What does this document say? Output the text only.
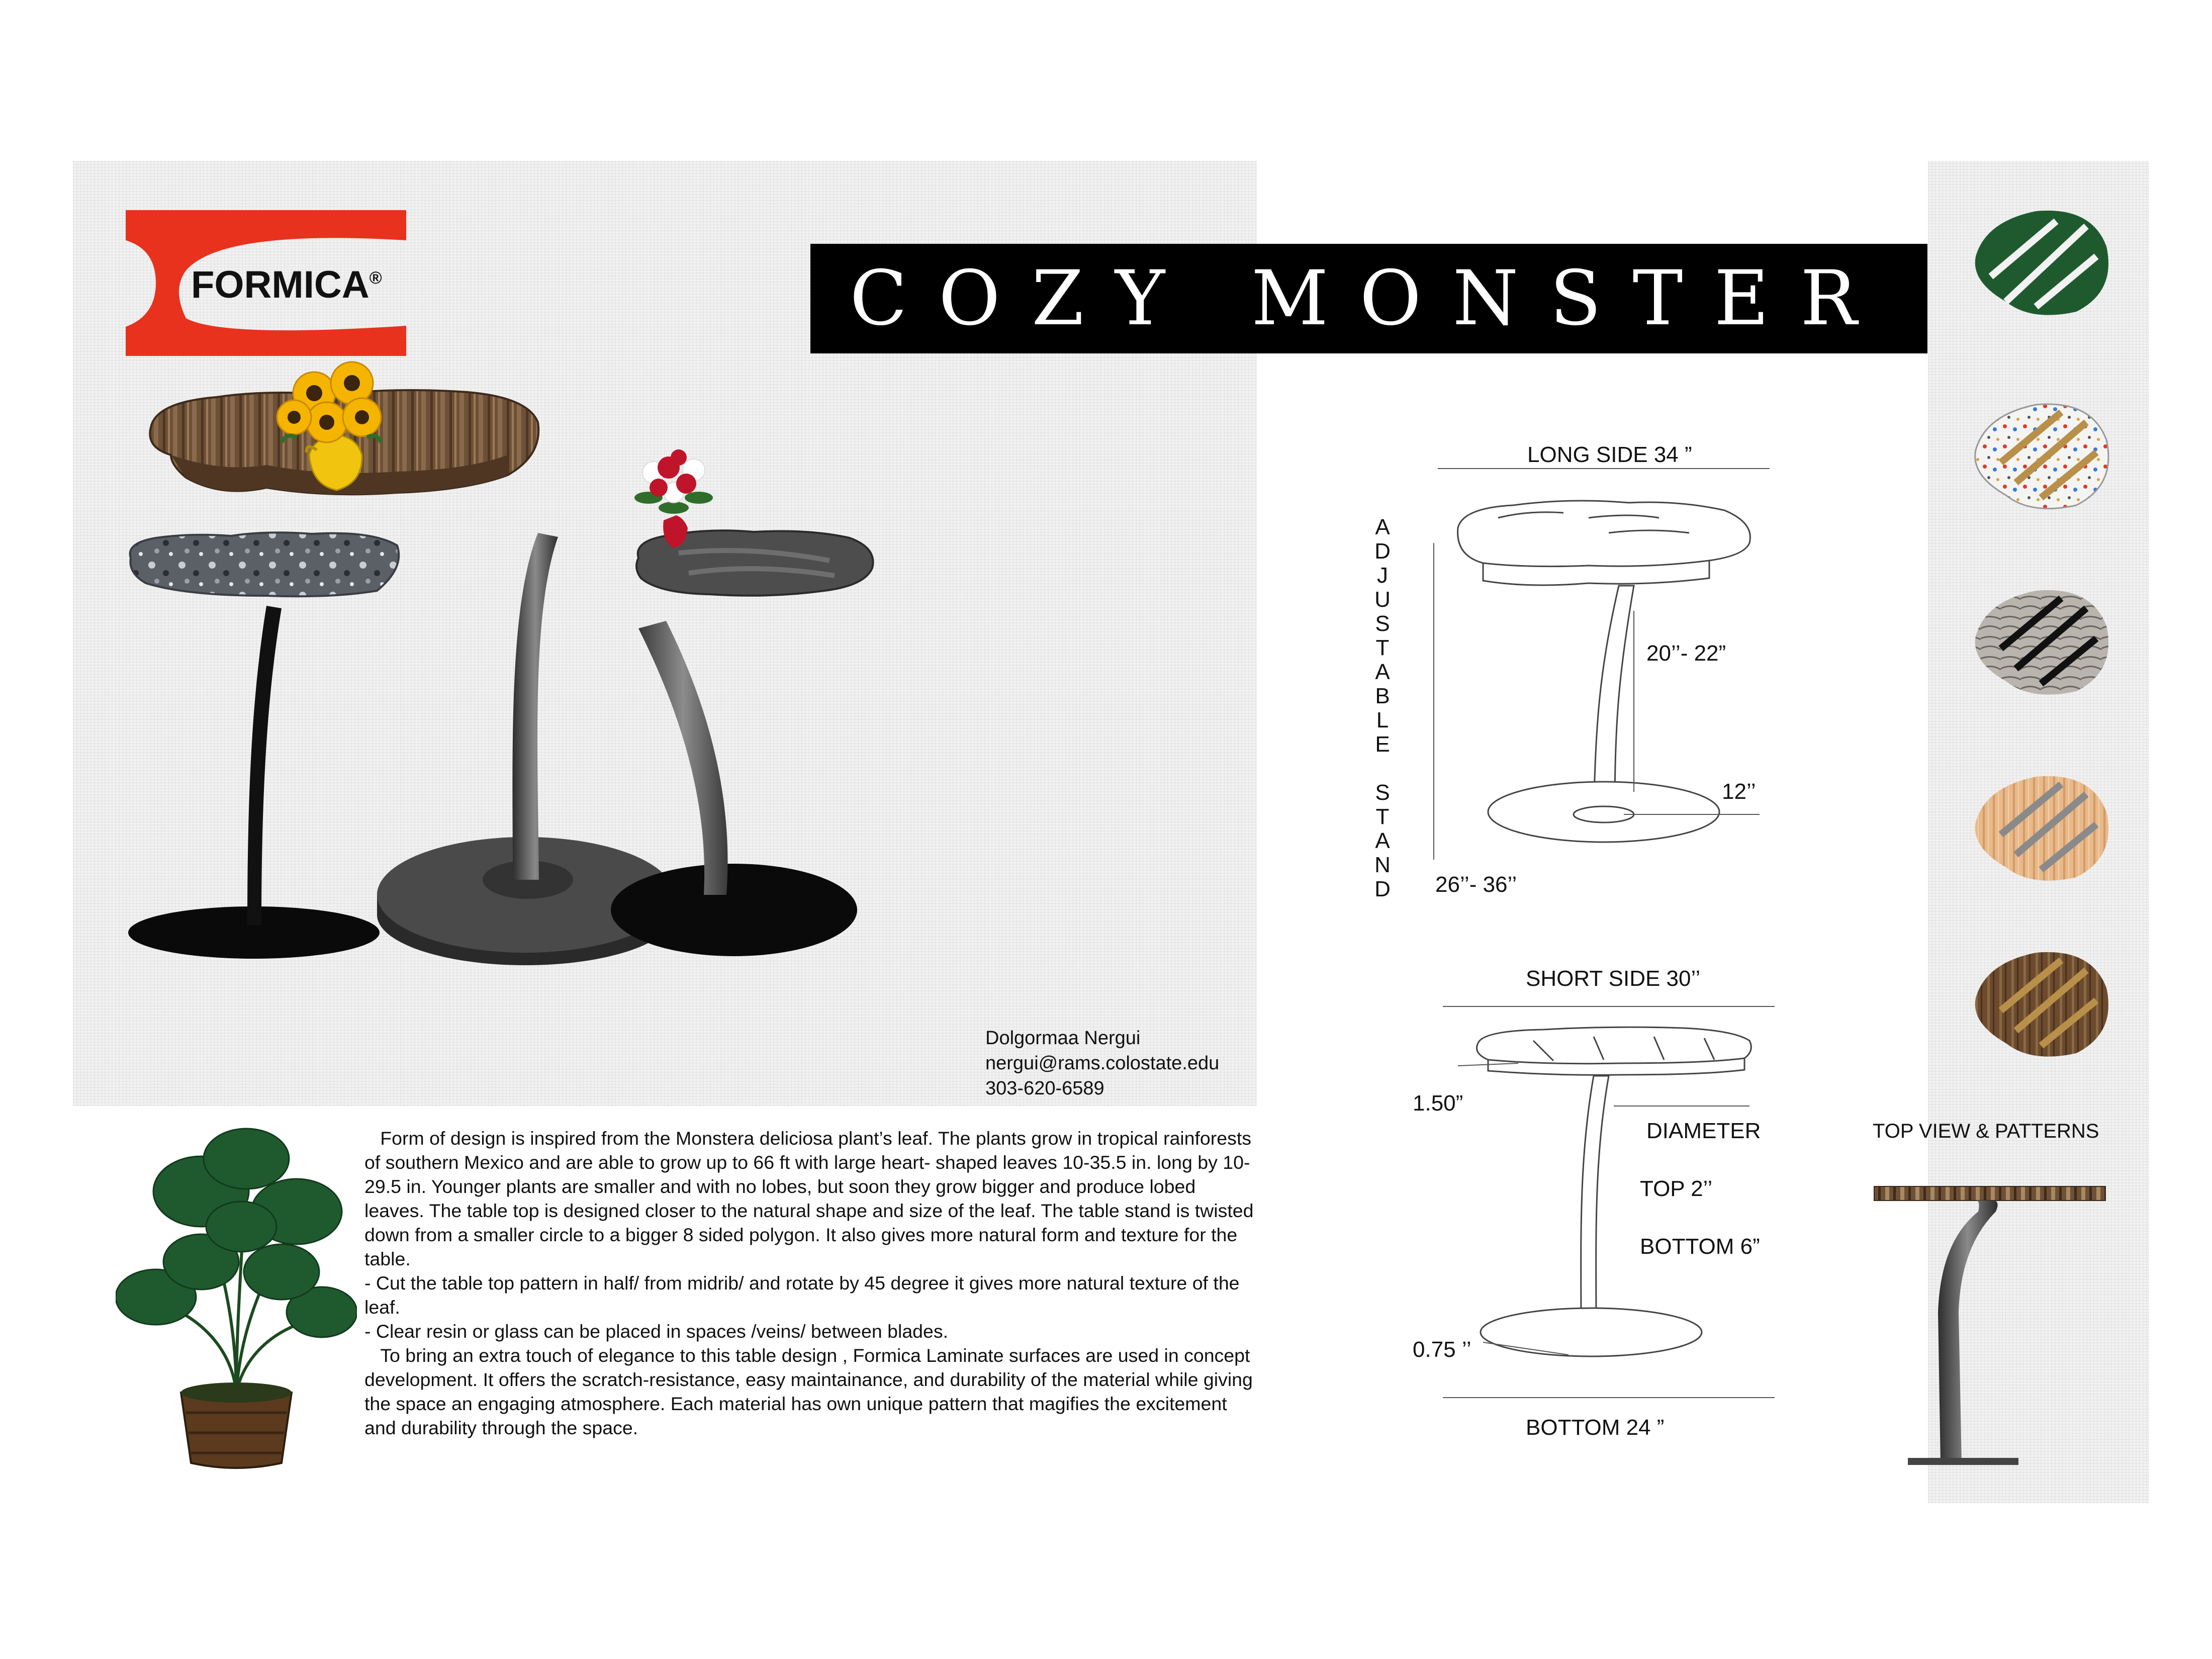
FORMICA®	COZY MONSTER
Dolgormaa Nergui
nergui@rams.colostate.edu
303-620-6589

Form of design is inspired from the Monstera deliciosa plant’s leaf. The plants grow in tropical rainforests of southern Mexico and are able to grow up to 66 ft with large heart- shaped leaves 10-35.5 in. long by 10-29.5 in. Younger plants are smaller and with no lobes, but soon they grow bigger and produce lobed leaves. The table top is designed closer to the natural shape and size of the leaf. The table stand is twisted down from a smaller circle to a bigger 8 sided polygon. It also gives more natural form and texture for the table.

- Cut the table top pattern in half/ from midrib/ and rotate by 45 degree it gives more natural texture of the leaf.

- Clear resin or glass can be placed in spaces /veins/ between blades.

To bring an extra touch of elegance to this table design , Formica Laminate surfaces are used in concept development. It offers the scratch-resistance, easy maintainance, and durability of the material while giving the space an engaging atmosphere. Each material has own unique pattern that magifies the excitement and durability through the space.

LONG SIDE 34 ”
A
D
J
U
S
T
A
B
L
E

S
T
A
N
D
20’’- 22”
12’’
26’’- 36’’
SHORT SIDE 30’’
1.50”
DIAMETER
TOP 2’’
BOTTOM 6”
0.75 ’’
BOTTOM 24 ”
TOP VIEW & PATTERNS
